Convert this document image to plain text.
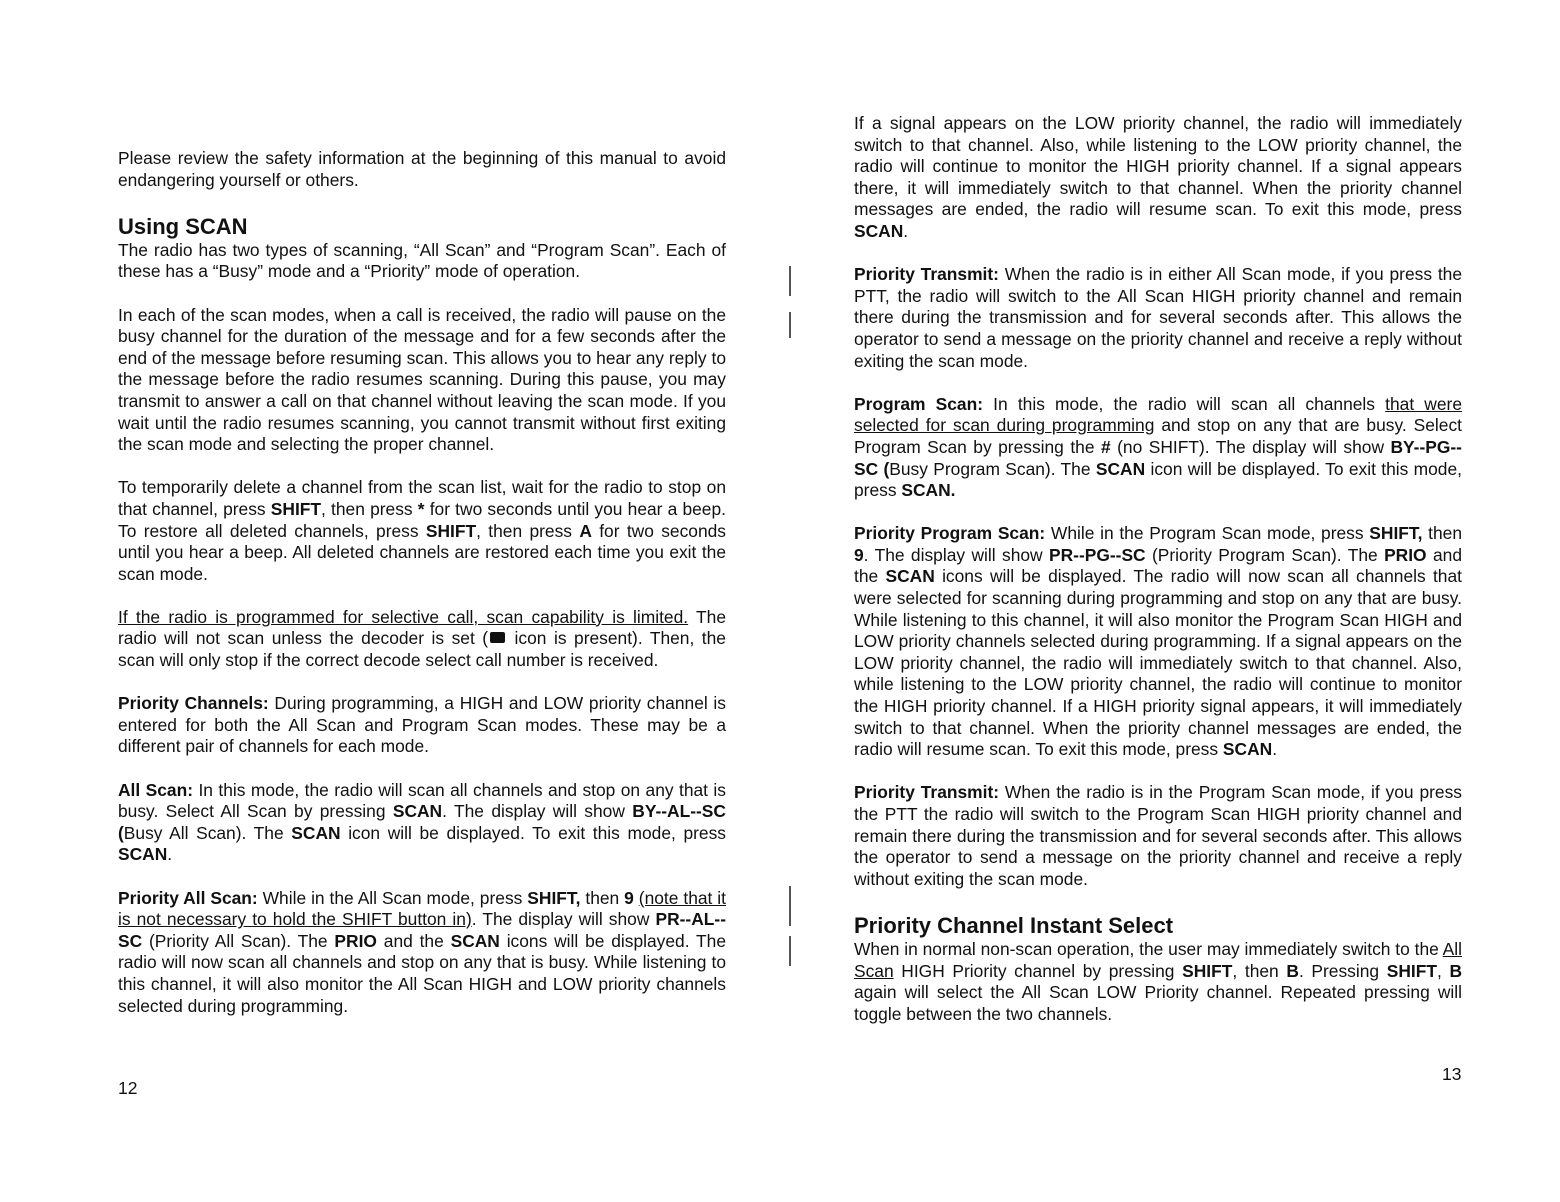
Please review the safety information at the beginning of this manual to avoid endangering yourself or others.

Using SCAN

The radio has two types of scanning, “All Scan” and “Program Scan”. Each of these has a “Busy” mode and a “Priority” mode of operation.

In each of the scan modes, when a call is received, the radio will pause on the busy channel for the duration of the message and for a few seconds after the end of the message before resuming scan. This allows you to hear any reply to the message before the radio resumes scanning. During this pause, you may transmit to answer a call on that channel without leaving the scan mode. If you wait until the radio resumes scanning, you cannot transmit without first exiting the scan mode and selecting the proper channel.

To temporarily delete a channel from the scan list, wait for the radio to stop on that channel, press SHIFT, then press * for two seconds until you hear a beep. To restore all deleted channels, press SHIFT, then press A for two seconds until you hear a beep. All deleted channels are restored each time you exit the scan mode.

If the radio is programmed for selective call, scan capability is limited. The radio will not scan unless the decoder is set ( icon is present). Then, the scan will only stop if the correct decode select call number is received.

Priority Channels: During programming, a HIGH and LOW priority channel is entered for both the All Scan and Program Scan modes. These may be a different pair of channels for each mode.

All Scan: In this mode, the radio will scan all channels and stop on any that is busy. Select All Scan by pressing SCAN. The display will show BY--AL--SC (Busy All Scan). The SCAN icon will be displayed. To exit this mode, press SCAN.

Priority All Scan: While in the All Scan mode, press SHIFT, then 9 (note that it is not necessary to hold the SHIFT button in). The display will show PR--AL--SC (Priority All Scan). The PRIO and the SCAN icons will be displayed. The radio will now scan all channels and stop on any that is busy. While listening to this channel, it will also monitor the All Scan HIGH and LOW priority channels selected during programming.

12

If a signal appears on the LOW priority channel, the radio will immediately switch to that channel. Also, while listening to the LOW priority channel, the radio will continue to monitor the HIGH priority channel. If a signal appears there, it will immediately switch to that channel. When the priority channel messages are ended, the radio will resume scan. To exit this mode, press SCAN.

Priority Transmit: When the radio is in either All Scan mode, if you press the PTT, the radio will switch to the All Scan HIGH priority channel and remain there during the transmission and for several seconds after. This allows the operator to send a message on the priority channel and receive a reply without exiting the scan mode.

Program Scan: In this mode, the radio will scan all channels that were selected for scan during programming and stop on any that are busy. Select Program Scan by pressing the # (no SHIFT). The display will show BY--PG--SC (Busy Program Scan). The SCAN icon will be displayed. To exit this mode, press SCAN.

Priority Program Scan: While in the Program Scan mode, press SHIFT, then 9. The display will show PR--PG--SC (Priority Program Scan). The PRIO and the SCAN icons will be displayed. The radio will now scan all channels that were selected for scanning during programming and stop on any that are busy. While listening to this channel, it will also monitor the Program Scan HIGH and LOW priority channels selected during programming. If a signal appears on the LOW priority channel, the radio will immediately switch to that channel. Also, while listening to the LOW priority channel, the radio will continue to monitor the HIGH priority channel. If a HIGH priority signal appears, it will immediately switch to that channel. When the priority channel messages are ended, the radio will resume scan. To exit this mode, press SCAN.

Priority Transmit: When the radio is in the Program Scan mode, if you press the PTT the radio will switch to the Program Scan HIGH priority channel and remain there during the transmission and for several seconds after. This allows the operator to send a message on the priority channel and receive a reply without exiting the scan mode.

Priority Channel Instant Select

When in normal non-scan operation, the user may immediately switch to the All Scan HIGH Priority channel by pressing SHIFT, then B. Pressing SHIFT, B again will select the All Scan LOW Priority channel. Repeated pressing will toggle between the two channels.

13
